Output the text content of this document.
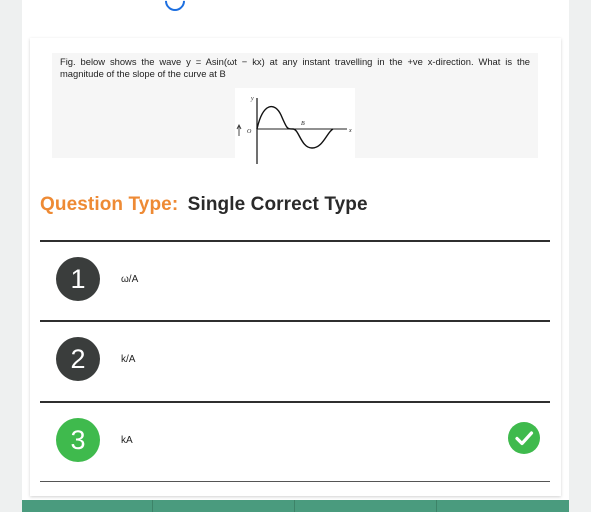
Fig. below shows the wave y = Asin(ωt − kx) at any instant travelling in the +ve x-direction. What is the magnitude of the slope of the curve at B
y
O
B
x
Question Type: Single Correct Type
1	ω/A
2	k/A
3	kA
